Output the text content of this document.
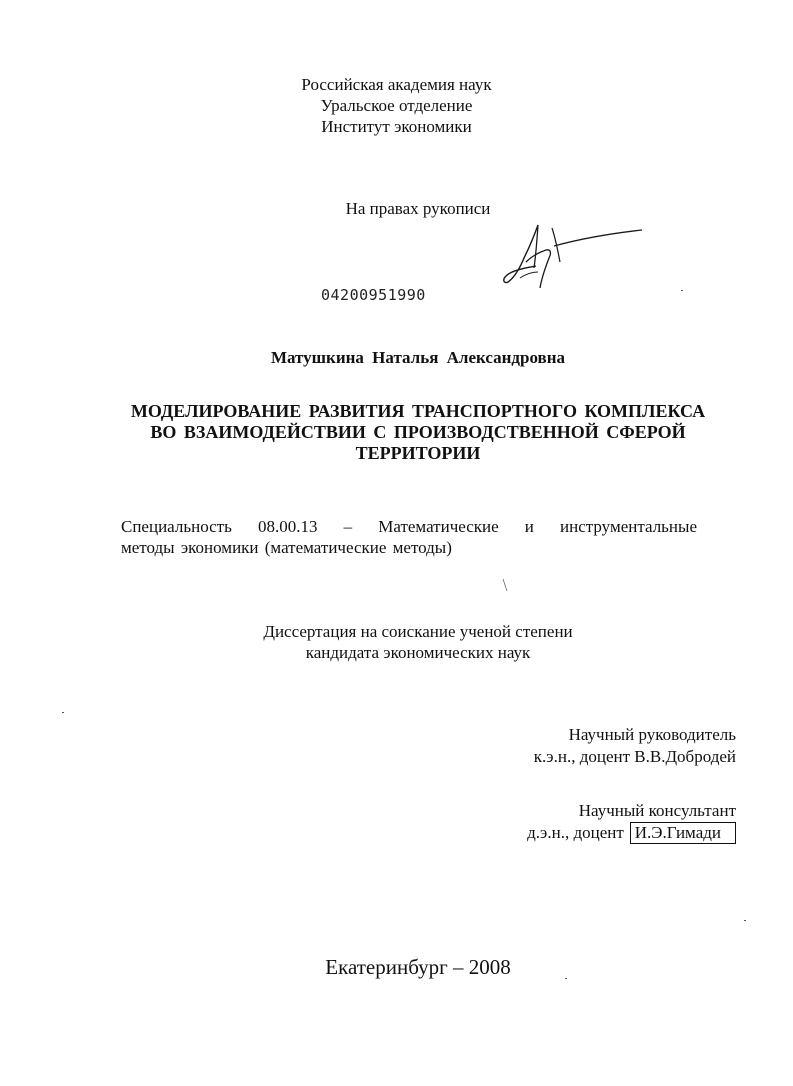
Российская академия наук
Уральское отделение
Институт экономики
На правах рукописи
04200951990
Матушкина Наталья Александровна
МОДЕЛИРОВАНИЕ РАЗВИТИЯ ТРАНСПОРТНОГО КОМПЛЕКСА
ВО ВЗАИМОДЕЙСТВИИ С ПРОИЗВОДСТВЕННОЙ СФЕРОЙ
ТЕРРИТОРИИ
Специальность 08.00.13 – Математические и инструментальные
методы экономики (математические методы)
Диссертация на соискание ученой степени
кандидата экономических наук
Научный руководитель
к.э.н., доцент В.В.Добродей
Научный консультант
д.э.н., доцент И.Э.Гимади
Екатеринбург – 2008
